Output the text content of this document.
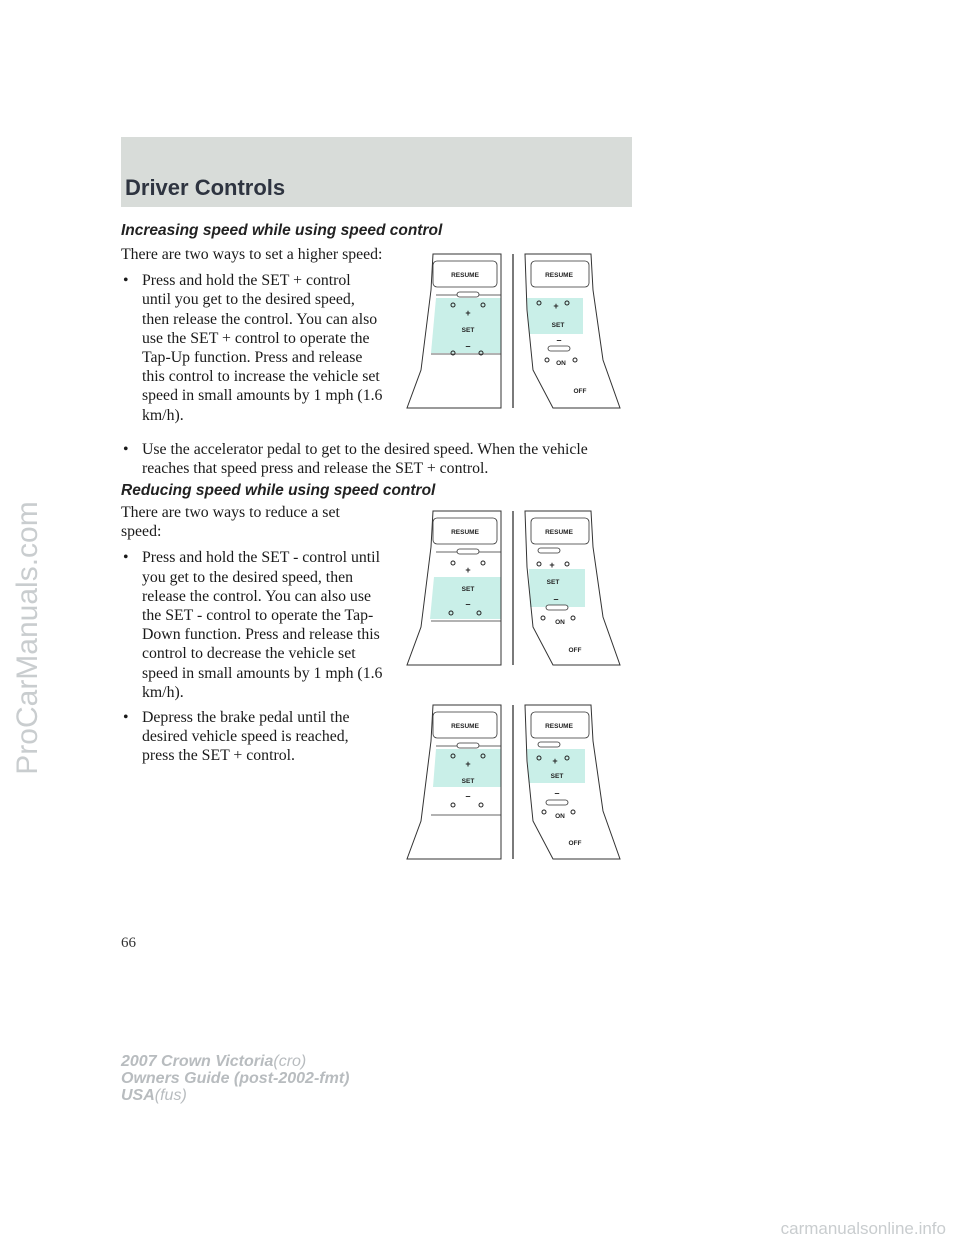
Driver Controls
Increasing speed while using speed control

There are two ways to set a higher speed:

• Press and hold the SET + control until you get to the desired speed, then release the control. You can also use the SET + control to operate the Tap-Up function. Press and release this control to increase the vehicle set speed in small amounts by 1 mph (1.6 km/h).
• Use the accelerator pedal to get to the desired speed. When the vehicle reaches that speed press and release the SET + control.
Reducing speed while using speed control

There are two ways to reduce a set speed:

• Press and hold the SET - control until you get to the desired speed, then release the control. You can also use the SET - control to operate the Tap-Down function. Press and release this control to decrease the vehicle set speed in small amounts by 1 mph (1.6 km/h).
• Depress the brake pedal until the desired vehicle speed is reached, press the SET + control.
RESUME
+
SET
–
RESUME
+
SET
–
ON
OFF
RESUME
+
SET
–
RESUME
+
SET
–
ON
OFF
RESUME
+
SET
–
RESUME
+
SET
–
ON
OFF
66
2007 Crown Victoria(cro)
Owners Guide (post-2002-fmt)
USA(fus)
ProCarManuals.com
carmanualsonline.info
